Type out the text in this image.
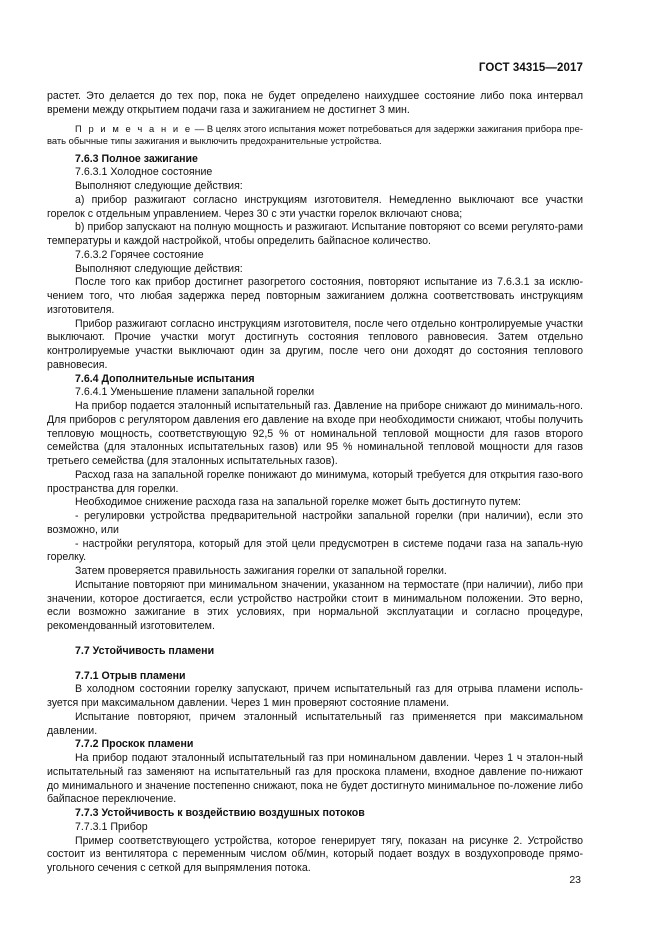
ГОСТ 34315—2017

растет. Это делается до тех пор, пока не будет определено наихудшее состояние либо пока интервал времени между открытием подачи газа и зажиганием не достигнет 3 мин.

П р и м е ч а н и е — В целях этого испытания может потребоваться для задержки зажигания прибора пре-вать обычные типы зажигания и выключить предохранительные устройства.

7.6.3 Полное зажигание

7.6.3.1 Холодное состояние

Выполняют следующие действия:

а) прибор разжигают согласно инструкциям изготовителя. Немедленно выключают все участки горелок с отдельным управлением. Через 30 с эти участки горелок включают снова;

b) прибор запускают на полную мощность и разжигают. Испытание повторяют со всеми регулято-рами температуры и каждой настройкой, чтобы определить байпасное количество.

7.6.3.2 Горячее состояние

Выполняют следующие действия:

После того как прибор достигнет разогретого состояния, повторяют испытание из 7.6.3.1 за исклю-чением того, что любая задержка перед повторным зажиганием должна соответствовать инструкциям изготовителя.

Прибор разжигают согласно инструкциям изготовителя, после чего отдельно контролируемые участки выключают. Прочие участки могут достигнуть состояния теплового равновесия. Затем отдельно контролируемые участки выключают один за другим, после чего они доходят до состояния теплового равновесия.

7.6.4 Дополнительные испытания

7.6.4.1 Уменьшение пламени запальной горелки

На прибор подается эталонный испытательный газ. Давление на приборе снижают до минималь-ного. Для приборов с регулятором давления его давление на входе при необходимости снижают, чтобы получить тепловую мощность, соответствующую 92,5 % от номинальной тепловой мощности для газов второго семейства (для эталонных испытательных газов) или 95 % номинальной тепловой мощности для газов третьего семейства (для эталонных испытательных газов).

Расход газа на запальной горелке понижают до минимума, который требуется для открытия газо-вого пространства для горелки.

Необходимое снижение расхода газа на запальной горелке может быть достигнуто путем:

- регулировки устройства предварительной настройки запальной горелки (при наличии), если это возможно, или

- настройки регулятора, который для этой цели предусмотрен в системе подачи газа на запаль-ную горелку.

Затем проверяется правильность зажигания горелки от запальной горелки.

Испытание повторяют при минимальном значении, указанном на термостате (при наличии), либо при значении, которое достигается, если устройство настройки стоит в минимальном положении. Это верно, если возможно зажигание в этих условиях, при нормальной эксплуатации и согласно процедуре, рекомендованный изготовителем.

7.7 Устойчивость пламени

7.7.1 Отрыв пламени

В холодном состоянии горелку запускают, причем испытательный газ для отрыва пламени исполь-зуется при максимальном давлении. Через 1 мин проверяют состояние пламени.

Испытание повторяют, причем эталонный испытательный газ применяется при максимальном давлении.

7.7.2 Проскок пламени

На прибор подают эталонный испытательный газ при номинальном давлении. Через 1 ч эталон-ный испытательный газ заменяют на испытательный газ для проскока пламени, входное давление по-нижают до минимального и значение постепенно снижают, пока не будет достигнуто минимальное по-ложение либо байпасное переключение.

7.7.3 Устойчивость к воздействию воздушных потоков

7.7.3.1 Прибор

Пример соответствующего устройства, которое генерирует тягу, показан на рисунке 2. Устройство состоит из вентилятора с переменным числом об/мин, который подает воздух в воздухопроводе прямо-угольного сечения с сеткой для выпрямления потока.

23
